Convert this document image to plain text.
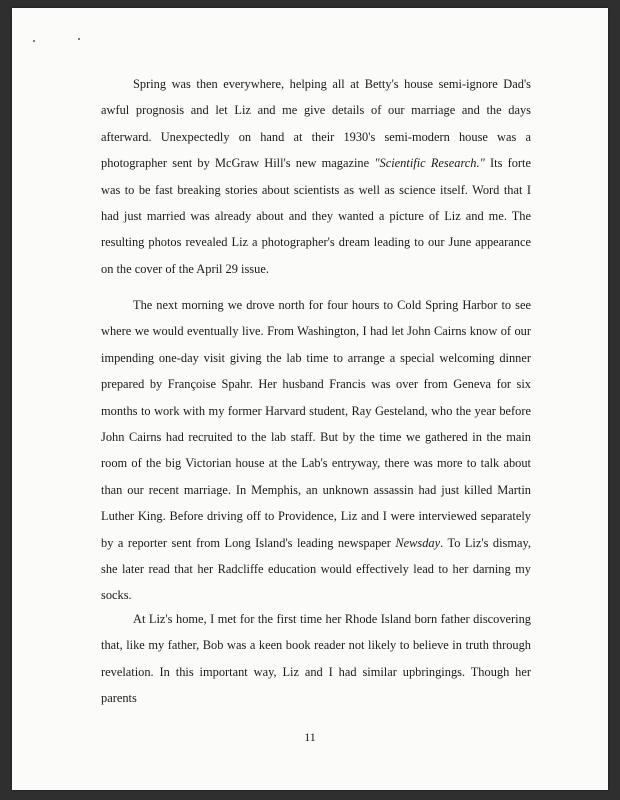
Spring was then everywhere, helping all at Betty's house semi-ignore Dad's awful prognosis and let Liz and me give details of our marriage and the days afterward. Unexpectedly on hand at their 1930's semi-modern house was a photographer sent by McGraw Hill's new magazine "Scientific Research." Its forte was to be fast breaking stories about scientists as well as science itself. Word that I had just married was already about and they wanted a picture of Liz and me. The resulting photos revealed Liz a photographer's dream leading to our June appearance on the cover of the April 29 issue.

The next morning we drove north for four hours to Cold Spring Harbor to see where we would eventually live. From Washington, I had let John Cairns know of our impending one-day visit giving the lab time to arrange a special welcoming dinner prepared by Françoise Spahr. Her husband Francis was over from Geneva for six months to work with my former Harvard student, Ray Gesteland, who the year before John Cairns had recruited to the lab staff. But by the time we gathered in the main room of the big Victorian house at the Lab's entryway, there was more to talk about than our recent marriage. In Memphis, an unknown assassin had just killed Martin Luther King. Before driving off to Providence, Liz and I were interviewed separately by a reporter sent from Long Island's leading newspaper Newsday. To Liz's dismay, she later read that her Radcliffe education would effectively lead to her darning my socks.

At Liz's home, I met for the first time her Rhode Island born father discovering that, like my father, Bob was a keen book reader not likely to believe in truth through revelation. In this important way, Liz and I had similar upbringings. Though her parents

11
